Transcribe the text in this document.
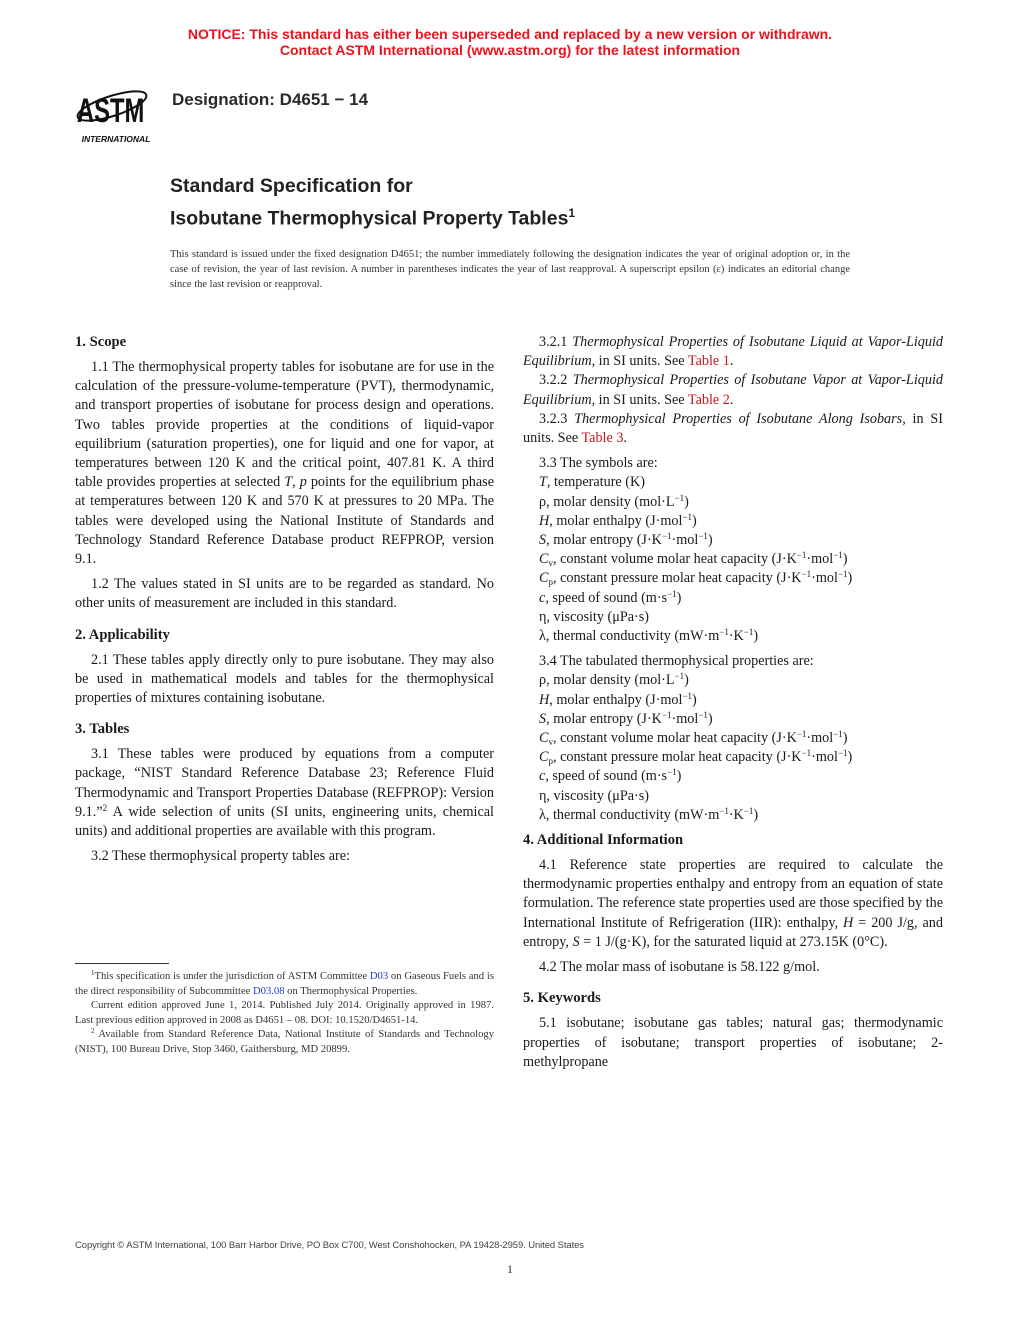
NOTICE: This standard has either been superseded and replaced by a new version or withdrawn.
Contact ASTM International (www.astm.org) for the latest information
ASTM
INTERNATIONAL
Designation: D4651 − 14
Standard Specification for
Isobutane Thermophysical Property Tables$^1$
This standard is issued under the fixed designation D4651; the number immediately following the designation indicates the year of original adoption or, in the case of revision, the year of last revision. A number in parentheses indicates the year of last reapproval. A superscript epsilon (ε) indicates an editorial change since the last revision or reapproval.
1. Scope

1.1 The thermophysical property tables for isobutane are for use in the calculation of the pressure-volume-temperature (PVT), thermodynamic, and transport properties of isobutane for process design and operations. Two tables provide properties at the conditions of liquid-vapor equilibrium (saturation properties), one for liquid and one for vapor, at temperatures between 120 K and the critical point, 407.81 K. A third table provides properties at selected T, p points for the equilibrium phase at temperatures between 120 K and 570 K at pressures to 20 MPa. The tables were developed using the National Institute of Standards and Technology Standard Reference Database product REFPROP, version 9.1.

1.2 The values stated in SI units are to be regarded as standard. No other units of measurement are included in this standard.

2. Applicability

2.1 These tables apply directly only to pure isobutane. They may also be used in mathematical models and tables for the thermophysical properties of mixtures containing isobutane.

3. Tables

3.1 These tables were produced by equations from a computer package, “NIST Standard Reference Database 23; Reference Fluid Thermodynamic and Transport Properties Database (REFPROP): Version 9.1.”$^2$ A wide selection of units (SI units, engineering units, chemical units) and additional properties are available with this program.

3.2 These thermophysical property tables are:

3.2.1 Thermophysical Properties of Isobutane Liquid at Vapor-Liquid Equilibrium, in SI units. See Table 1.

3.2.2 Thermophysical Properties of Isobutane Vapor at Vapor-Liquid Equilibrium, in SI units. See Table 2.

3.2.3 Thermophysical Properties of Isobutane Along Isobars, in SI units. See Table 3.

3.3 The symbols are:

T, temperature (K)

ρ, molar density $(mol\cdot L^{-1})$

H, molar enthalpy (J·mol$^{-1}$)

S, molar entropy $(J\cdot K^{-1}\cdot mol^{-1})$

$C_v$, constant volume molar heat capacity $(J\cdot K^{-1}\cdot mol^{-1})$

$C_p$, constant pressure molar heat capacity $(J\cdot K^{-1}\cdot mol^{-1})$

c, speed of sound $(m\cdot s^{-1})$

η, viscosity (μPa·s)

λ, thermal conductivity $(mW\cdot m^{-1}\cdot K^{-1})$

3.4 The tabulated thermophysical properties are:

ρ, molar density $(mol\cdot L^{-1})$

H, molar enthalpy (J·mol$^{-1}$)

S, molar entropy $(J\cdot K^{-1}\cdot mol^{-1})$

$C_v$, constant volume molar heat capacity $(J\cdot K^{-1}\cdot mol^{-1})$

$C_p$, constant pressure molar heat capacity $(J\cdot K^{-1}\cdot mol^{-1})$

c, speed of sound $(m\cdot s^{-1})$

η, viscosity (μPa·s)

λ, thermal conductivity $(mW\cdot m^{-1}\cdot K^{-1})$

4. Additional Information

4.1 Reference state properties are required to calculate the thermodynamic properties enthalpy and entropy from an equation of state formulation. The reference state properties used are those specified by the International Institute of Refrigeration (IIR): enthalpy, H = 200 J/g, and entropy, S = 1 J/(g·K), for the saturated liquid at 273.15K (0°C).

4.2 The molar mass of isobutane is 58.122 g/mol.

5. Keywords

5.1 isobutane; isobutane gas tables; natural gas; thermodynamic properties of isobutane; transport properties of isobutane; 2-methylpropane

$^1$This specification is under the jurisdiction of ASTM Committee D03 on Gaseous Fuels and is the direct responsibility of Subcommittee D03.08 on Thermophysical Properties.

Current edition approved June 1, 2014. Published July 2014. Originally approved in 1987. Last previous edition approved in 2008 as D4651 – 08. DOI: 10.1520/D4651-14.

$^2$ Available from Standard Reference Data, National Institute of Standards and Technology (NIST), 100 Bureau Drive, Stop 3460, Gaithersburg, MD 20899.

Copyright © ASTM International, 100 Barr Harbor Drive, PO Box C700, West Conshohocken, PA 19428-2959. United States
1
